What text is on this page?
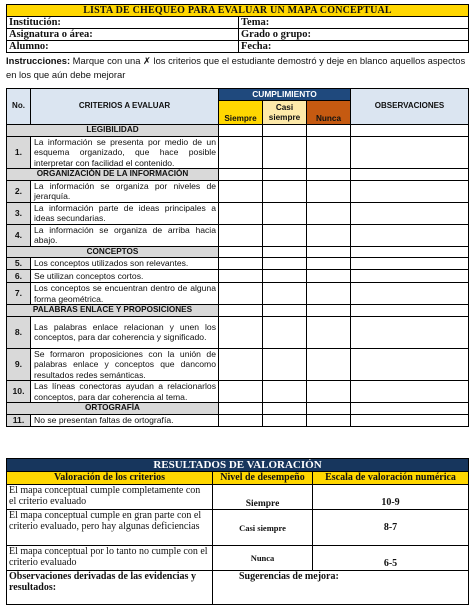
LISTA DE CHEQUEO PARA EVALUAR UN MAPA CONCEPTUAL	
Institución:	Tema:
Asignatura o área:	Grado o grupo:
Alumno:	Fecha:
Instrucciones: Marque con una ✗ los criterios que el estudiante demostró y deje en blanco aquellos aspectos en los que aún debe mejorar
No.	CRITERIOS A EVALUAR	CUMPLIMIENTO			OBSERVACIONES
		Siempre	Casi siempre	Nunca	
LEGIBILIDAD					
1.	La información se presenta por medio de un esquema organizado, que hace posible interpretar con facilidad el contenido.				
ORGANIZACIÓN DE LA INFORMACIÓN					
2.	La información se organiza por niveles de jerarquía.				
3.	La información parte de ideas principales a ideas secundarias.				
4.	La información se organiza de arriba hacia abajo.				
CONCEPTOS					
5.	Los conceptos utilizados son relevantes.				
6.	Se utilizan conceptos cortos.				
7.	Los conceptos se encuentran dentro de alguna forma geométrica.				
PALABRAS ENLACE Y PROPOSICIONES					
8.	Las palabras enlace relacionan y unen los conceptos, para dar coherencia y significado.				
9.	Se formaron proposiciones con la unión de palabras enlace y conceptos que dancomo resultados redes semánticas.				
10.	Las líneas conectoras ayudan a relacionarlos conceptos, para dar coherencia al tema.				
ORTOGRAFÍA					
11.	No se presentan faltas de ortografía.				
RESULTADOS DE VALORACIÓN		
Valoración de los criterios	Nivel de desempeño	Escala de valoración numérica
El mapa conceptual cumple completamente con el criterio evaluado	Siempre	10-9
El mapa conceptual cumple en gran parte con el criterio evaluado, pero hay algunas deficiencias	Casi siempre	8-7
El mapa conceptual por lo tanto no cumple con el criterio evaluado	Nunca	6-5
Observaciones derivadas de las evidencias y resultados:	Sugerencias de mejora:	
